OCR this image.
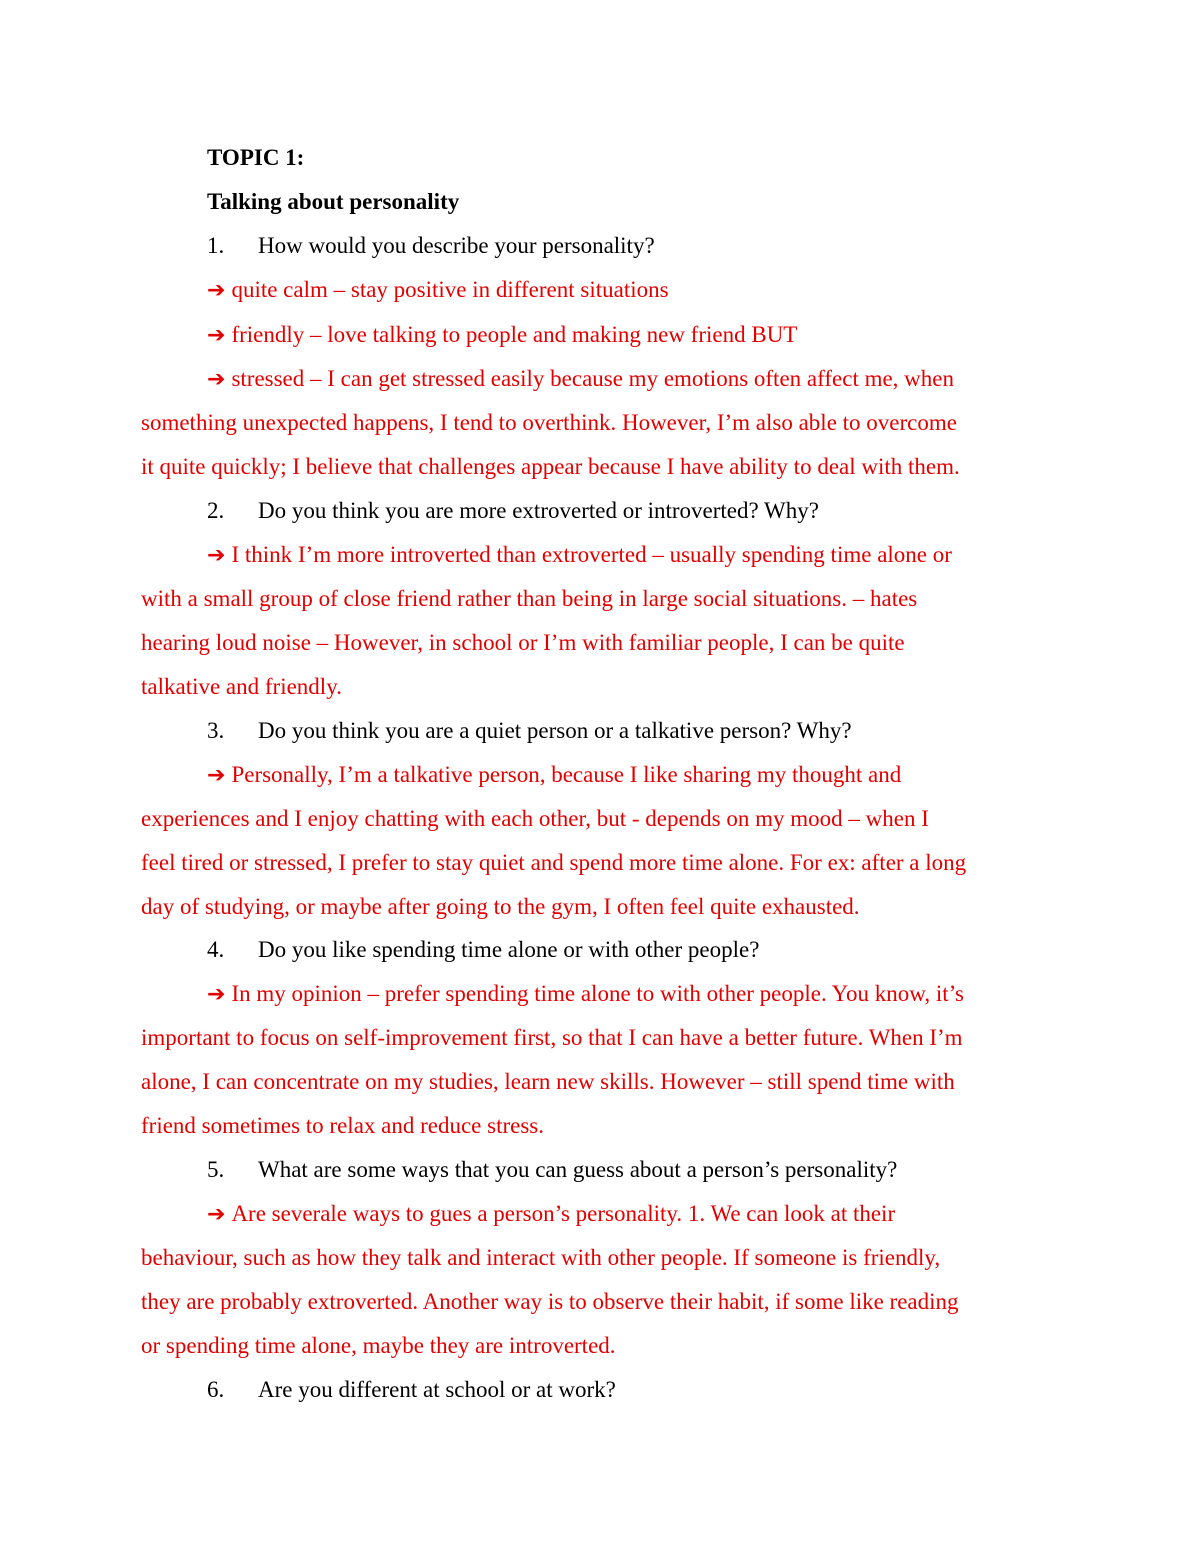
TOPIC 1:
Talking about personality
1. How would you describe your personality?
➔ quite calm – stay positive in different situations
➔ friendly – love talking to people and making new friend BUT
➔ stressed – I can get stressed easily because my emotions often affect me, when
something unexpected happens, I tend to overthink. However, I’m also able to overcome
it quite quickly; I believe that challenges appear because I have ability to deal with them.
2. Do you think you are more extroverted or introverted? Why?
➔ I think I’m more introverted than extroverted – usually spending time alone or
with a small group of close friend rather than being in large social situations. – hates
hearing loud noise – However, in school or I’m with familiar people, I can be quite
talkative and friendly.
3. Do you think you are a quiet person or a talkative person? Why?
➔ Personally, I’m a talkative person, because I like sharing my thought and
experiences and I enjoy chatting with each other, but - depends on my mood – when I
feel tired or stressed, I prefer to stay quiet and spend more time alone. For ex: after a long
day of studying, or maybe after going to the gym, I often feel quite exhausted.
4. Do you like spending time alone or with other people?
➔ In my opinion – prefer spending time alone to with other people. You know, it’s
important to focus on self-improvement first, so that I can have a better future. When I’m
alone, I can concentrate on my studies, learn new skills. However – still spend time with
friend sometimes to relax and reduce stress.
5. What are some ways that you can guess about a person’s personality?
➔ Are severale ways to gues a person’s personality. 1. We can look at their
behaviour, such as how they talk and interact with other people. If someone is friendly,
they are probably extroverted. Another way is to observe their habit, if some like reading
or spending time alone, maybe they are introverted.
6. Are you different at school or at work?
